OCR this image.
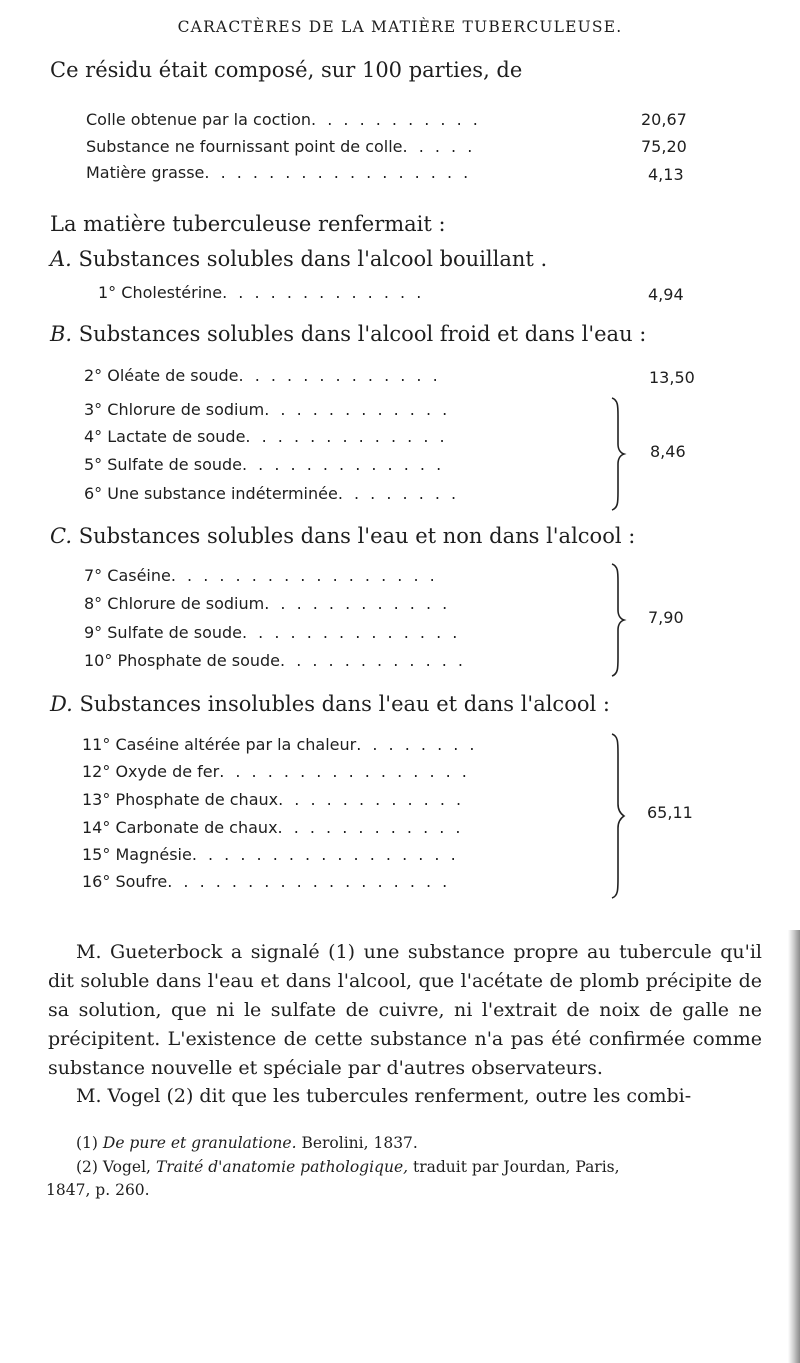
CARACTÈRES DE LA MATIÈRE TUBERCULEUSE.
Ce résidu était composé, sur 100 parties, de
Colle obtenue par la coction. . . . . . . . . . .	20,67
Substance ne fournissant point de colle. . . . .	75,20
Matière grasse. . . . . . . . . . . . . . . . .	4,13
La matière tuberculeuse renfermait :
A. Substances solubles dans l'alcool bouillant .
1° Cholestérine. . . . . . . . . . . . .	4,94
B. Substances solubles dans l'alcool froid et dans l'eau :
2° Oléate de soude. . . . . . . . . . . . .	13,50
3° Chlorure de sodium. . . . . . . . . . . .
4° Lactate de soude. . . . . . . . . . . . .
5° Sulfate de soude. . . . . . . . . . . . .
6° Une substance indéterminée. . . . . . . .
8,46
C. Substances solubles dans l'eau et non dans l'alcool :
7° Caséine. . . . . . . . . . . . . . . . .
8° Chlorure de sodium. . . . . . . . . . . .
9° Sulfate de soude. . . . . . . . . . . . . .
10° Phosphate de soude. . . . . . . . . . . .
7,90
D. Substances insolubles dans l'eau et dans l'alcool :
11° Caséine altérée par la chaleur. . . . . . . .
12° Oxyde de fer. . . . . . . . . . . . . . . .
13° Phosphate de chaux. . . . . . . . . . . .
14° Carbonate de chaux. . . . . . . . . . . .
15° Magnésie. . . . . . . . . . . . . . . . .
16° Soufre. . . . . . . . . . . . . . . . . .
65,11
M. Gueterbock a signalé (1) une substance propre au tubercule qu'il dit soluble dans l'eau et dans l'alcool, que l'acétate de plomb précipite de sa solution, que ni le sulfate de cuivre, ni l'extrait de noix de galle ne précipitent. L'existence de cette substance n'a pas été confirmée comme substance nouvelle et spéciale par d'autres observateurs.
M. Vogel (2) dit que les tubercules renferment, outre les combi-
(1) De pure et granulatione. Berolini, 1837.
(2) Vogel, Traité d'anatomie pathologique, traduit par Jourdan, Paris,
1847, p. 260.
